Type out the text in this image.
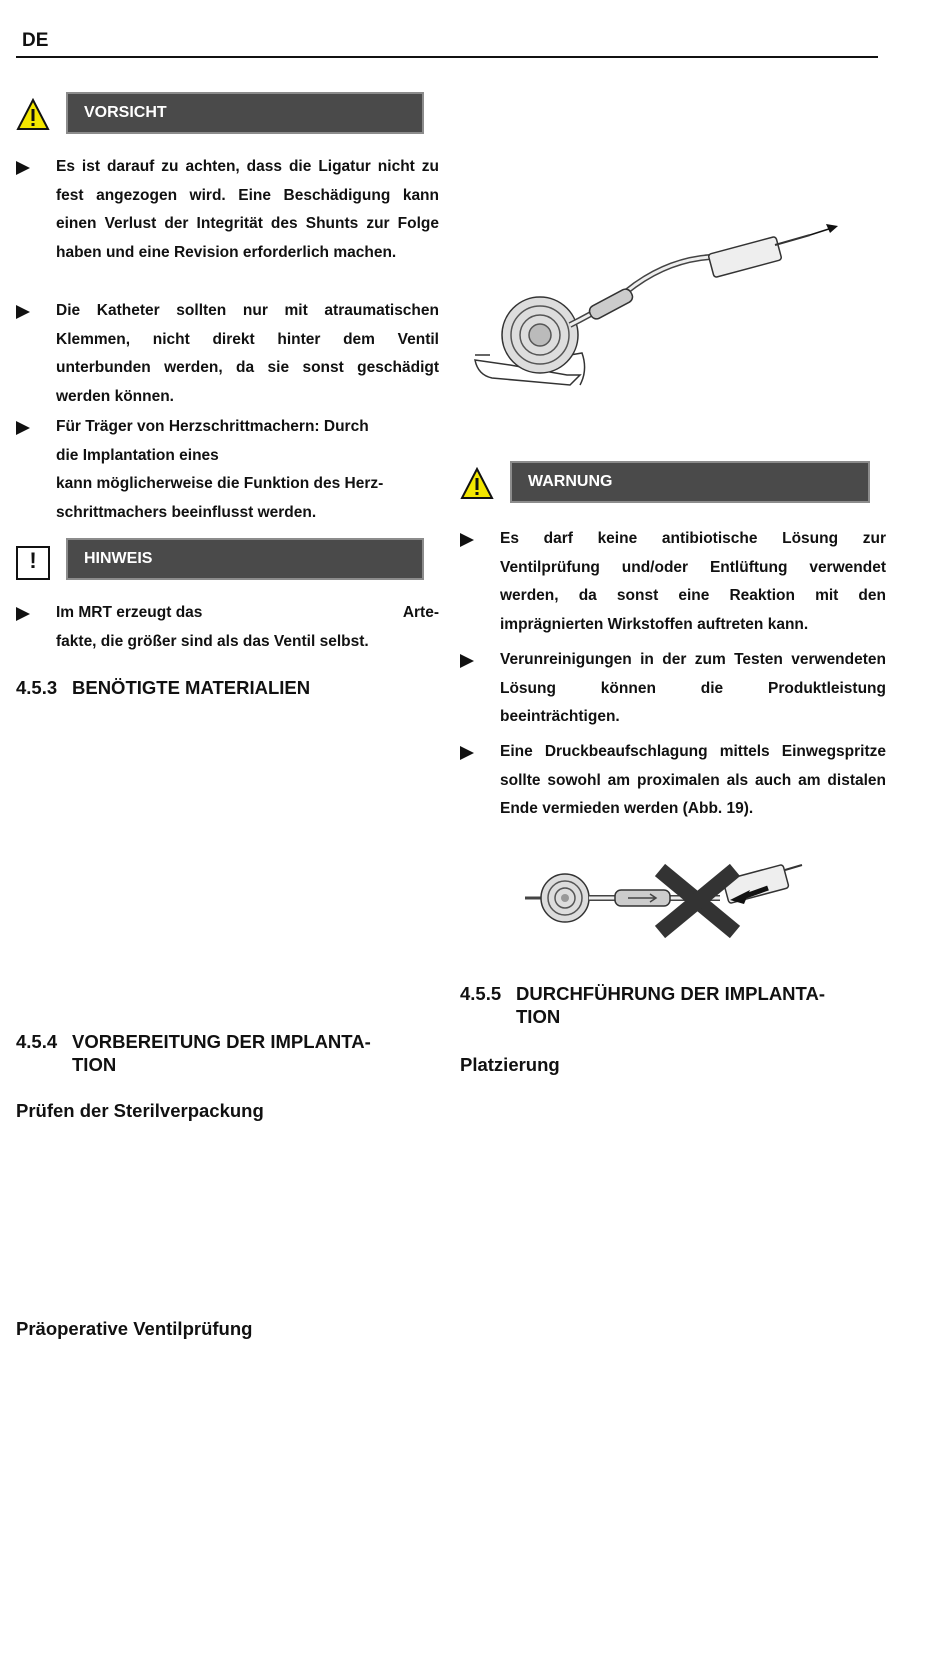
DE
VORSICHT

Es ist darauf zu achten, dass die Ligatur nicht zu fest angezogen wird. Eine Beschädigung kann einen Verlust der Integrität des Shunts zur Folge haben und eine Revision erforderlich machen.

Die Katheter sollten nur mit atraumatischen Klemmen, nicht direkt hinter dem Ventil unterbunden werden, da sie sonst geschädigt werden können.

Für Träger von Herzschrittmachern: Durch

die Implantation eines

kann möglicherweise die Funktion des Herz-

schrittmachers beeinflusst werden.

!	HINWEIS

Im MRT erzeugt das	Arte-

fakte, die größer sind als das Ventil selbst.

4.5.3 BENÖTIGTE MATERIALIEN
4.5.4 VORBEREITUNG DER IMPLANTA-
TION
Prüfen der Sterilverpackung
Präoperative Ventilprüfung
WARNUNG

Es darf keine antibiotische Lösung zur Ventilprüfung und/oder Entlüftung verwendet werden, da sonst eine Reaktion mit den imprägnierten Wirkstoffen auftreten kann.

Verunreinigungen in der zum Testen verwendeten Lösung können die Produktleistung beeinträchtigen.

Eine Druckbeaufschlagung mittels Einwegspritze sollte sowohl am proximalen als auch am distalen Ende vermieden werden (Abb. 19).

4.5.5 DURCHFÜHRUNG DER IMPLANTA-
TION
Platzierung
